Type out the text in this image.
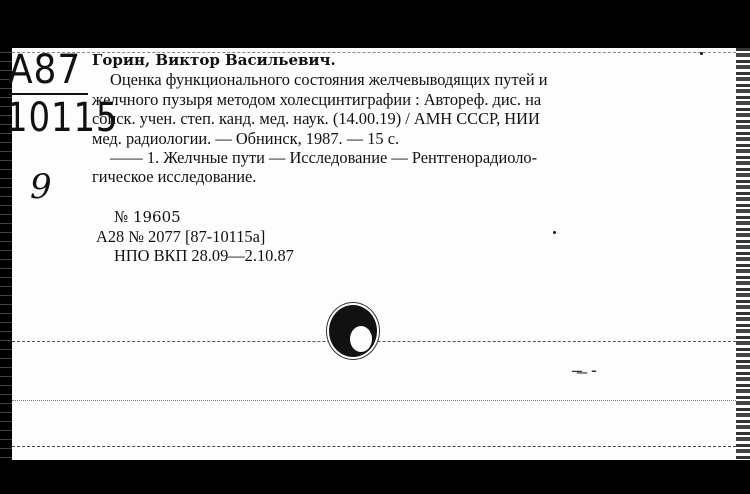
А87
10115
9

Горин, Виктор Васильевич.

Оценка функционального состояния желчевыводящих путей и

желчного пузыря методом холесцинтиграфии : Автореф. дис. на

соиск. учен. степ. канд. мед. наук. (14.00.19) / АМН СССР, НИИ

мед. радиологии. — Обнинск, 1987. — 15 с.

—— 1. Желчные пути — Исследование — Рентгенорадиоло-

гическое исследование.

№ 19605

А28 № 2077 [87-10115а]

НПО ВКП 28.09—2.10.87

–̶ -
